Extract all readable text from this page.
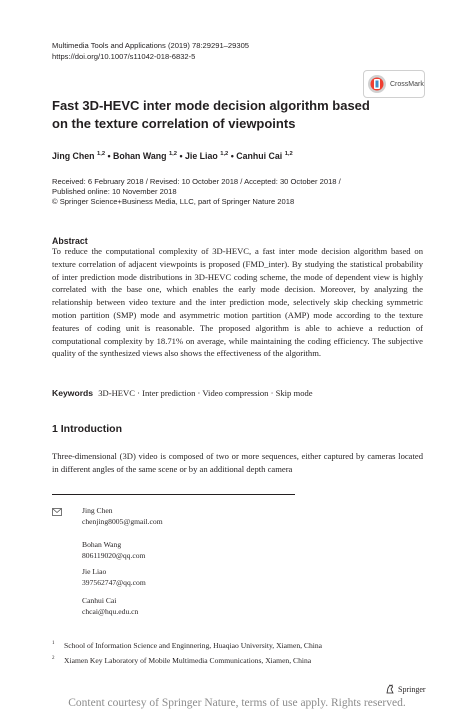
Multimedia Tools and Applications (2019) 78:29291–29305
https://doi.org/10.1007/s11042-018-6832-5
CrossMark
Fast 3D-HEVC inter mode decision algorithm based on the texture correlation of viewpoints
Jing Chen $^{1,2}$ • Bohan Wang $^{1,2}$ • Jie Liao $^{1,2}$ • Canhui Cai $^{1,2}$
Received: 6 February 2018 / Revised: 10 October 2018 / Accepted: 30 October 2018 /
Published online: 10 November 2018
© Springer Science+Business Media, LLC, part of Springer Nature 2018
Abstract
To reduce the computational complexity of 3D-HEVC, a fast inter mode decision algorithm based on texture correlation of adjacent viewpoints is proposed (FMD_inter). By studying the statistical probability of inter prediction mode distributions in 3D-HEVC coding scheme, the mode of dependent view is highly correlated with the base one, which enables the early mode decision. Moreover, by analyzing the relationship between video texture and the inter prediction mode, selectively skip checking symmetric motion partition (SMP) mode and asymmetric motion partition (AMP) mode according to the texture features of coding unit is reasonable. The proposed algorithm is able to achieve a reduction of computational complexity by 18.71% on average, while maintaining the coding efficiency. The subjective quality of the synthesized views also shows the effectiveness of the algorithm.
Keywords 3D-HEVC · Inter prediction · Video compression · Skip mode
1 Introduction
Three-dimensional (3D) video is composed of two or more sequences, either captured by cameras located in different angles of the same scene or by an additional depth camera
Jing Chen
chenjing8005@gmail.com
Bohan Wang
806119020@qq.com
Jie Liao
397562747@qq.com
Canhui Cai
chcai@hqu.edu.cn
$^1$ School of Information Science and Enginnering, Huaqiao University, Xiamen, China
$^2$ Xiamen Key Laboratory of Mobile Multimedia Communications, Xiamen, China
Springer
Content courtesy of Springer Nature, terms of use apply. Rights reserved.
